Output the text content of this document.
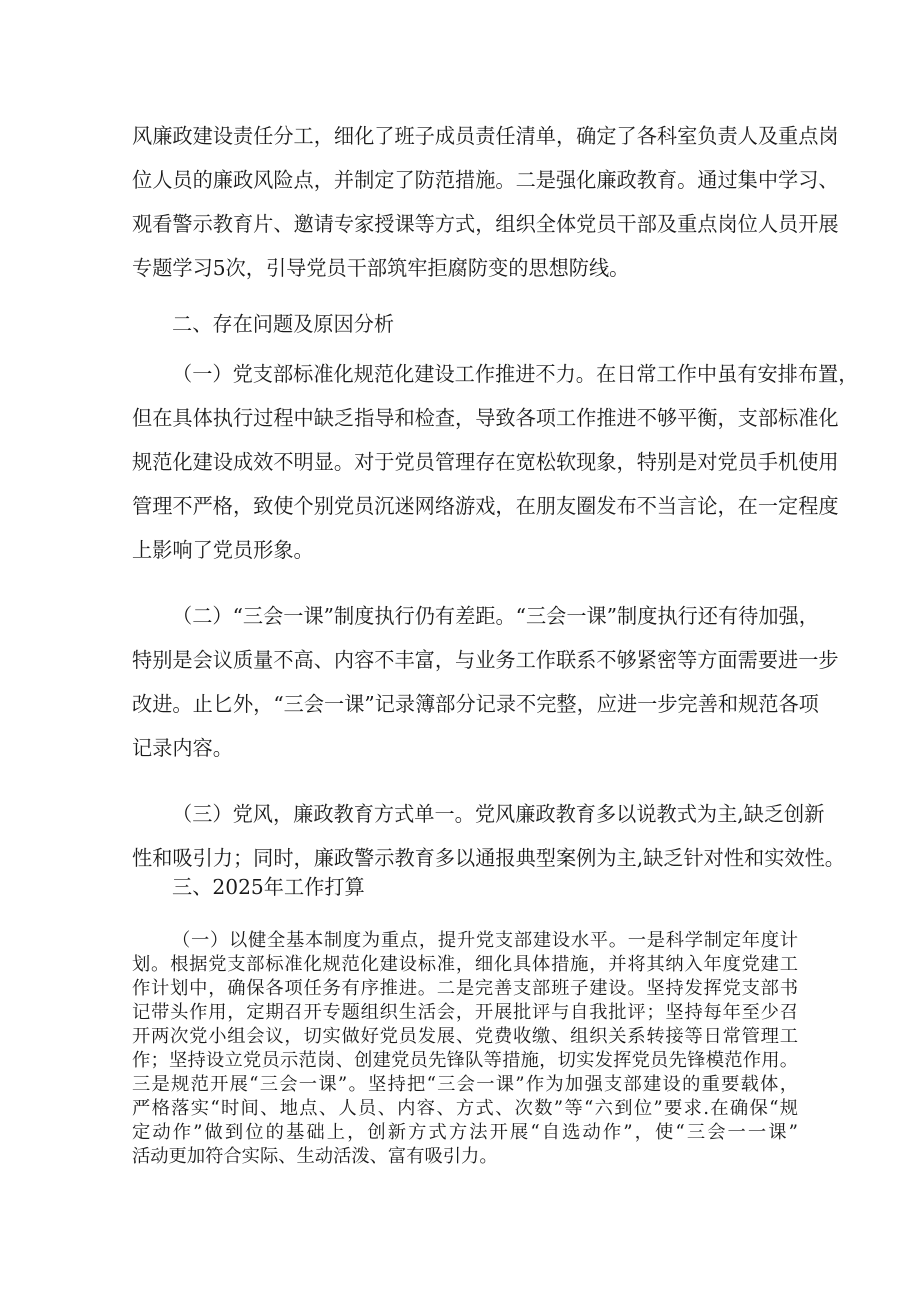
风廉政建设责任分工，细化了班子成员责任清单，确定了各科室负责人及重点岗

位人员的廉政风险点，并制定了防范措施。二是强化廉政教育。通过集中学习、

观看警示教育片、邀请专家授课等方式，组织全体党员干部及重点岗位人员开展

专题学习5次，引导党员干部筑牢拒腐防变的思想防线。

二、存在问题及原因分析

（一）党支部标准化规范化建设工作推进不力。在日常工作中虽有安排布置，

但在具体执行过程中缺乏指导和检查，导致各项工作推进不够平衡，支部标准化

规范化建设成效不明显。对于党员管理存在宽松软现象，特别是对党员手机使用

管理不严格，致使个别党员沉迷网络游戏，在朋友圈发布不当言论，在一定程度

上影响了党员形象。

（二）“三会一课”制度执行仍有差距。“三会一课”制度执行还有待加强，

特别是会议质量不高、内容不丰富，与业务工作联系不够紧密等方面需要进一步

改进。止匕外，“三会一课”记录簿部分记录不完整，应进一步完善和规范各项

记录内容。

（三）党风，廉政教育方式单一。党风廉政教育多以说教式为主,缺乏创新

性和吸引力；同时，廉政警示教育多以通报典型案例为主,缺乏针对性和实效性。

三、2025年工作打算

（一）以健全基本制度为重点，提升党支部建设水平。一是科学制定年度计

划。根据党支部标准化规范化建设标准，细化具体措施，并将其纳入年度党建工

作计划中，确保各项任务有序推进。二是完善支部班子建设。坚持发挥党支部书

记带头作用，定期召开专题组织生活会，开展批评与自我批评；坚持每年至少召

开两次党小组会议，切实做好党员发展、党费收缴、组织关系转接等日常管理工

作；坚持设立党员示范岗、创建党员先锋队等措施，切实发挥党员先锋模范作用。

三是规范开展“三会一课”。坚持把“三会一课”作为加强支部建设的重要载体，

严格落实“时间、地点、人员、内容、方式、次数”等“六到位”要求.在确保“规

定动作”做到位的基础上，创新方式方法开展“自选动作”，使“三会一一课”

活动更加符合实际、生动活泼、富有吸引力。
